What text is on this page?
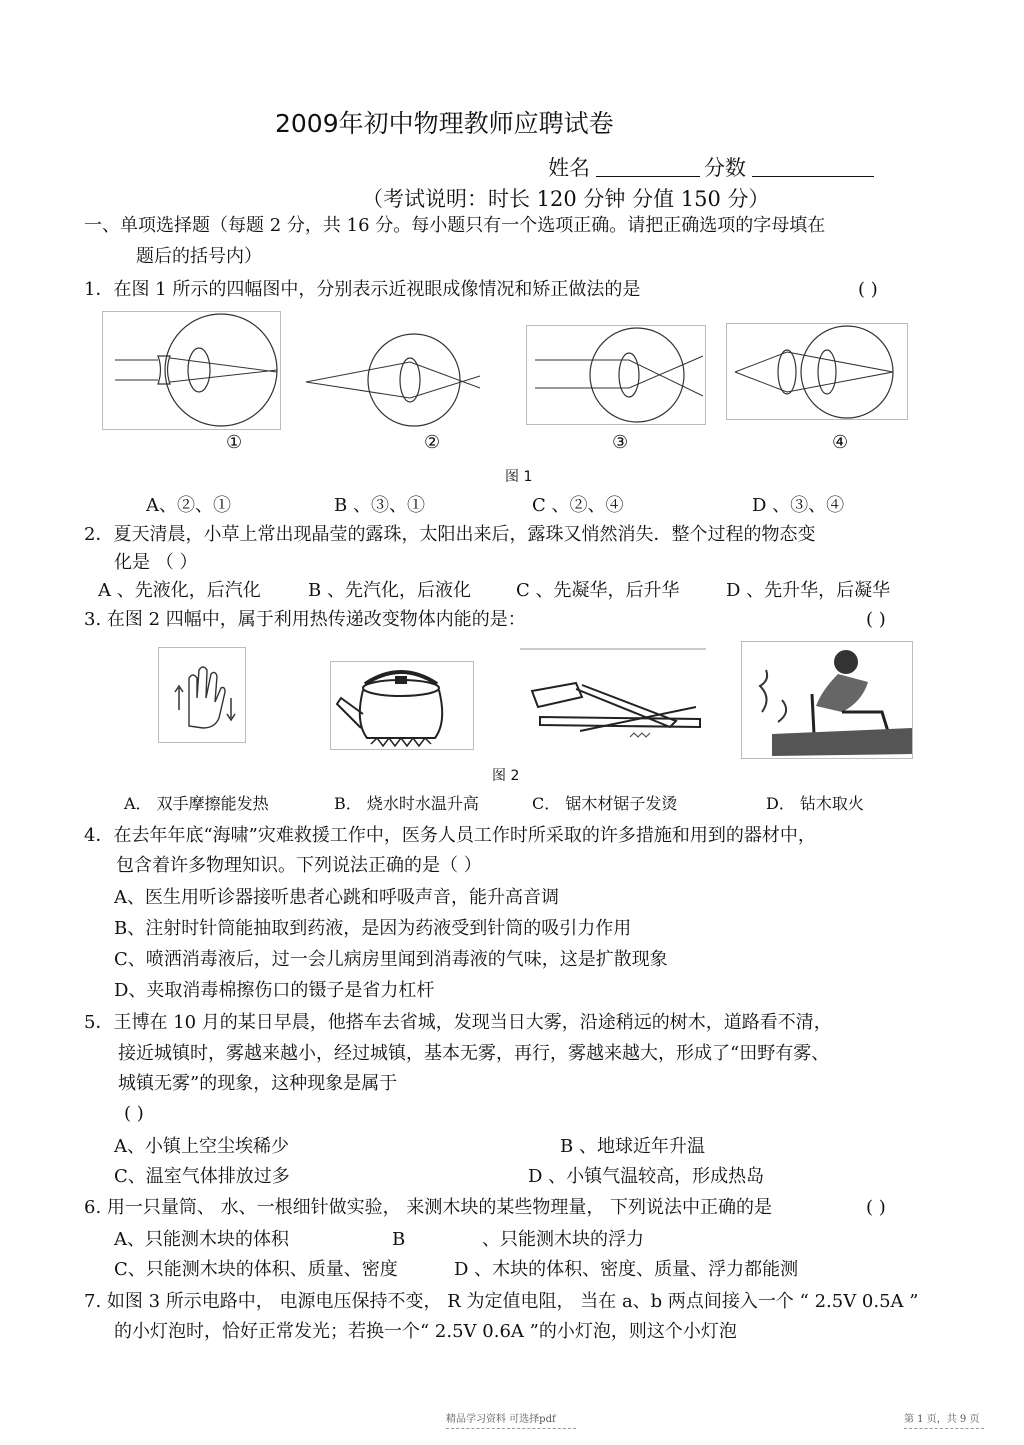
2009年初中物理教师应聘试卷
姓名	分数
（考试说明：时长 120 分钟 分值 150 分）
一、单项选择题（每题 2 分，共 16 分。每小题只有一个选项正确。请把正确选项的字母填在
题后的括号内）
1．在图 1 所示的四幅图中，分别表示近视眼成像情况和矫正做法的是	( )
①	②	③	④
图 1
A、②、①	B 、③、①	C 、②、④	D 、③、④
2．夏天清晨，小草上常出现晶莹的露珠，太阳出来后，露珠又悄然消失．整个过程的物态变
化是 （ ）
A 、先液化，后汽化	B 、先汽化，后液化	C 、先凝华，后升华	D 、先升华，后凝华
3. 在图 2 四幅中，属于利用热传递改变物体内能的是：	( )
图 2
A． 双手摩擦能发热	B． 烧水时水温升高	C． 锯木材锯子发烫	D． 钻木取火
4．在去年年底“海啸”灾难救援工作中，医务人员工作时所采取的许多措施和用到的器材中，
包含着许多物理知识。下列说法正确的是（ ）
A、医生用听诊器接听患者心跳和呼吸声音，能升高音调
B、注射时针筒能抽取到药液，是因为药液受到针筒的吸引力作用
C、喷洒消毒液后，过一会儿病房里闻到消毒液的气味，这是扩散现象
D、夹取消毒棉擦伤口的镊子是省力杠杆
5．王博在 10 月的某日早晨，他搭车去省城，发现当日大雾，沿途稍远的树木，道路看不清，
接近城镇时，雾越来越小，经过城镇，基本无雾，再行，雾越来越大，形成了“田野有雾、
城镇无雾”的现象，这种现象是属于
( )
A、小镇上空尘埃稀少	B 、地球近年升温
C、温室气体排放过多	D 、小镇气温较高，形成热岛
6. 用一只量筒、 水、一根细针做实验， 来测木块的某些物理量， 下列说法中正确的是	( )
A、只能测木块的体积	B	、只能测木块的浮力
C、只能测木块的体积、质量、密度	D 、木块的体积、密度、质量、浮力都能测
7. 如图 3 所示电路中， 电源电压保持不变， R 为定值电阻， 当在 a、b 两点间接入一个 “ 2.5V 0.5A ”
的小灯泡时，恰好正常发光；若换一个“ 2.5V 0.6A ”的小灯泡，则这个小灯泡
精品学习资料 可选择pdf	第 1 页，共 9 页
